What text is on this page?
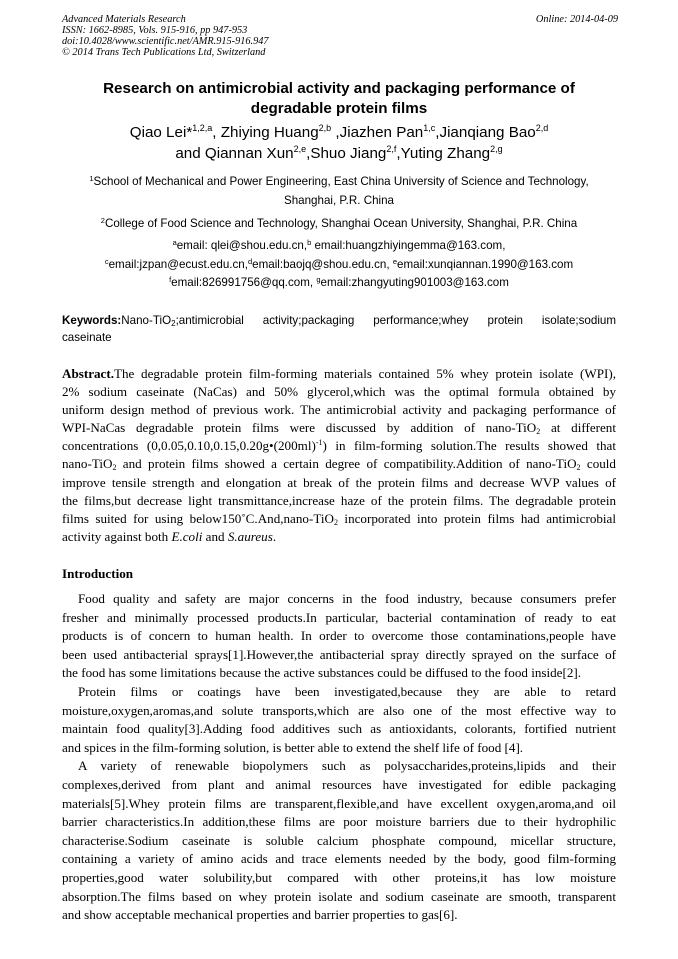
Advanced Materials Research
ISSN: 1662-8985, Vols. 915-916, pp 947-953
doi:10.4028/www.scientific.net/AMR.915-916.947
© 2014 Trans Tech Publications Ltd, Switzerland
Online: 2014-04-09
Research on antimicrobial activity and packaging performance of
degradable protein films
Qiao Lei*$^{1,2,a}$, Zhiying Huang$^{2,b}$ ,Jiazhen Pan$^{1,c}$,Jianqiang Bao$^{2,d}$
and Qiannan Xun$^{2,e}$,Shuo Jiang$^{2,f}$,Yuting Zhang$^{2,g}$
$^1$School of Mechanical and Power Engineering, East China University of Science and Technology,
Shanghai, P.R. China
$^2$College of Food Science and Technology, Shanghai Ocean University, Shanghai, P.R. China
$^a$email: qlei@shou.edu.cn,$^b$ email:huangzhiyingemma@163.com,
$^c$email:jzpan@ecust.edu.cn,$^d$email:baojq@shou.edu.cn, $^e$email:xunqiannan.1990@163.com
$^f$email:826991756@qq.com, $^g$email:zhangyuting901003@163.com
Keywords:Nano-TiO$_2$;antimicrobial activity;packaging performance;whey protein isolate;sodium
caseinate
Abstract.The degradable protein film-forming materials contained 5% whey protein isolate (WPI),
2% sodium caseinate (NaCas) and 50% glycerol,which was the optimal formula obtained by
uniform design method of previous work. The antimicrobial activity and packaging performance of
WPI-NaCas degradable protein films were discussed by addition of nano-TiO$_2$ at different
concentrations $(0,0.05,0.10,0.15,0.20g•(200ml)^{-1})$ in film-forming solution.The results showed that
nano-TiO$_2$ and protein films showed a certain degree of compatibility.Addition of nano-TiO$_2$ could
improve tensile strength and elongation at break of the protein films and decrease WVP values of
the films,but decrease light transmittance,increase haze of the protein films. The degradable protein
films suited for using below150˚C.And,nano-TiO$_2$ incorporated into protein films had antimicrobial
activity against both E.coli and S.aureus.
Introduction
Food quality and safety are major concerns in the food industry, because consumers prefer
fresher and minimally processed products.In particular, bacterial contamination of ready to eat
products is of concern to human health. In order to overcome those contaminations,people have
been used antibacterial sprays[1].However,the antibacterial spray directly sprayed on the surface of
the food has some limitations because the active substances could be diffused to the food inside[2].
Protein films or coatings have been investigated,because they are able to retard
moisture,oxygen,aromas,and solute transports,which are also one of the most effective way to
maintain food quality[3].Adding food additives such as antioxidants, colorants, fortified nutrient
and spices in the film-forming solution, is better able to extend the shelf life of food [4].
A variety of renewable biopolymers such as polysaccharides,proteins,lipids and their
complexes,derived from plant and animal resources have investigated for edible packaging
materials[5].Whey protein films are transparent,flexible,and have excellent oxygen,aroma,and oil
barrier characteristics.In addition,these films are poor moisture barriers due to their hydrophilic
characterise.Sodium caseinate is soluble calcium phosphate compound, micellar structure,
containing a variety of amino acids and trace elements needed by the body, good film-forming
properties,good water solubility,but compared with other proteins,it has low moisture
absorption.The films based on whey protein isolate and sodium caseinate are smooth, transparent
and show acceptable mechanical properties and barrier properties to gas[6].
